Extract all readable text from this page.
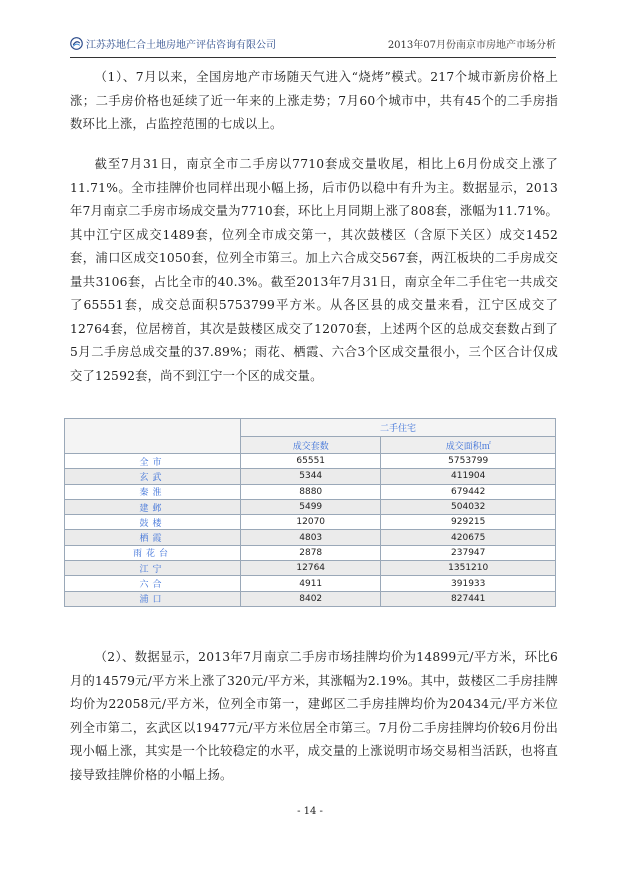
江苏苏地仁合土地房地产评估咨询有限公司	2013年07月份南京市房地产市场分析

（1）、7月以来，全国房地产市场随天气进入“烧烤”模式。217个城市新房价格上涨；二手房价格也延续了近一年来的上涨走势；7月60个城市中，共有45个的二手房指数环比上涨，占监控范围的七成以上。

截至7月31日，南京全市二手房以7710套成交量收尾，相比上6月份成交上涨了11.71%。全市挂牌价也同样出现小幅上扬，后市仍以稳中有升为主。数据显示，2013年7月南京二手房市场成交量为7710套，环比上月同期上涨了808套，涨幅为11.71%。其中江宁区成交1489套，位列全市成交第一，其次鼓楼区（含原下关区）成交1452套，浦口区成交1050套，位列全市第三。加上六合成交567套，两江板块的二手房成交量共3106套，占比全市的40.3%。截至2013年7月31日，南京全年二手住宅一共成交了65551套，成交总面积5753799平方米。从各区县的成交量来看，江宁区成交了12764套，位居榜首，其次是鼓楼区成交了12070套，上述两个区的总成交套数占到了5月二手房总成交量的37.89%；雨花、栖霞、六合3个区成交量很小，三个区合计仅成交了12592套，尚不到江宁一个区的成交量。

	二手住宅	
	成交套数	成交面积㎡
全市	65551	5753799
玄武	5344	411904
秦淮	8880	679442
建邺	5499	504032
鼓楼	12070	929215
栖霞	4803	420675
雨花台	2878	237947
江宁	12764	1351210
六合	4911	391933
浦口	8402	827441

（2）、数据显示，2013年7月南京二手房市场挂牌均价为14899元/平方米，环比6月的14579元/平方米上涨了320元/平方米，其涨幅为2.19%。其中，鼓楼区二手房挂牌均价为22058元/平方米，位列全市第一，建邺区二手房挂牌均价为20434元/平方米位列全市第二，玄武区以19477元/平方米位居全市第三。7月份二手房挂牌均价较6月份出现小幅上涨，其实是一个比较稳定的水平，成交量的上涨说明市场交易相当活跃，也将直接导致挂牌价格的小幅上扬。

- 14 -
